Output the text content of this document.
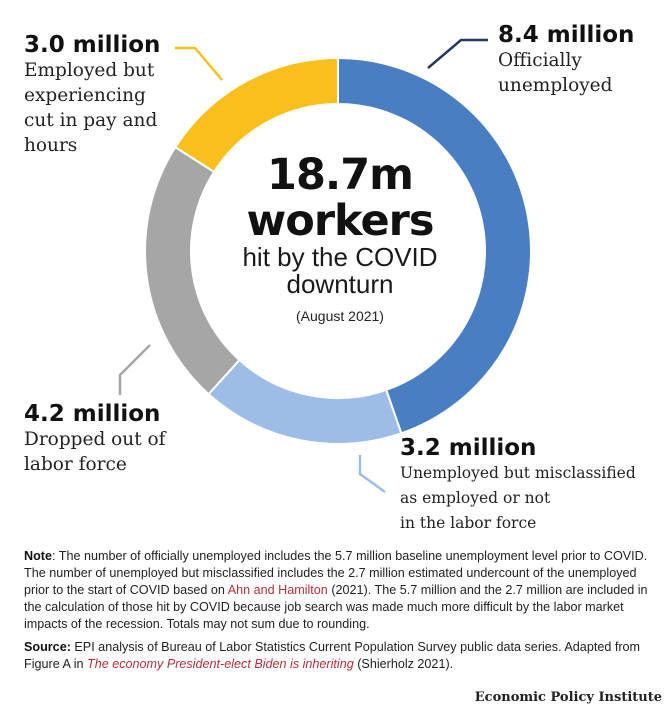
18.7m
workers
hit by the COVID
downturn
(August 2021)
8.4 million
Officially
unemployed
3.2 million
Unemployed but misclassified
as employed or not
in the labor force
4.2 million
Dropped out of
labor force
3.0 million
Employed but
experiencing
cut in pay and
hours

Note: The number of officially unemployed includes the 5.7 million baseline unemployment level prior to COVID. The number of unemployed but misclassified includes the 2.7 million estimated undercount of the unemployed prior to the start of COVID based on Ahn and Hamilton (2021). The 5.7 million and the 2.7 million are included in the calculation of those hit by COVID because job search was made much more difficult by the labor market impacts of the recession. Totals may not sum due to rounding.

Source: EPI analysis of Bureau of Labor Statistics Current Population Survey public data series. Adapted from Figure A in The economy President-elect Biden is inheriting (Shierholz 2021).

Economic Policy Institute
